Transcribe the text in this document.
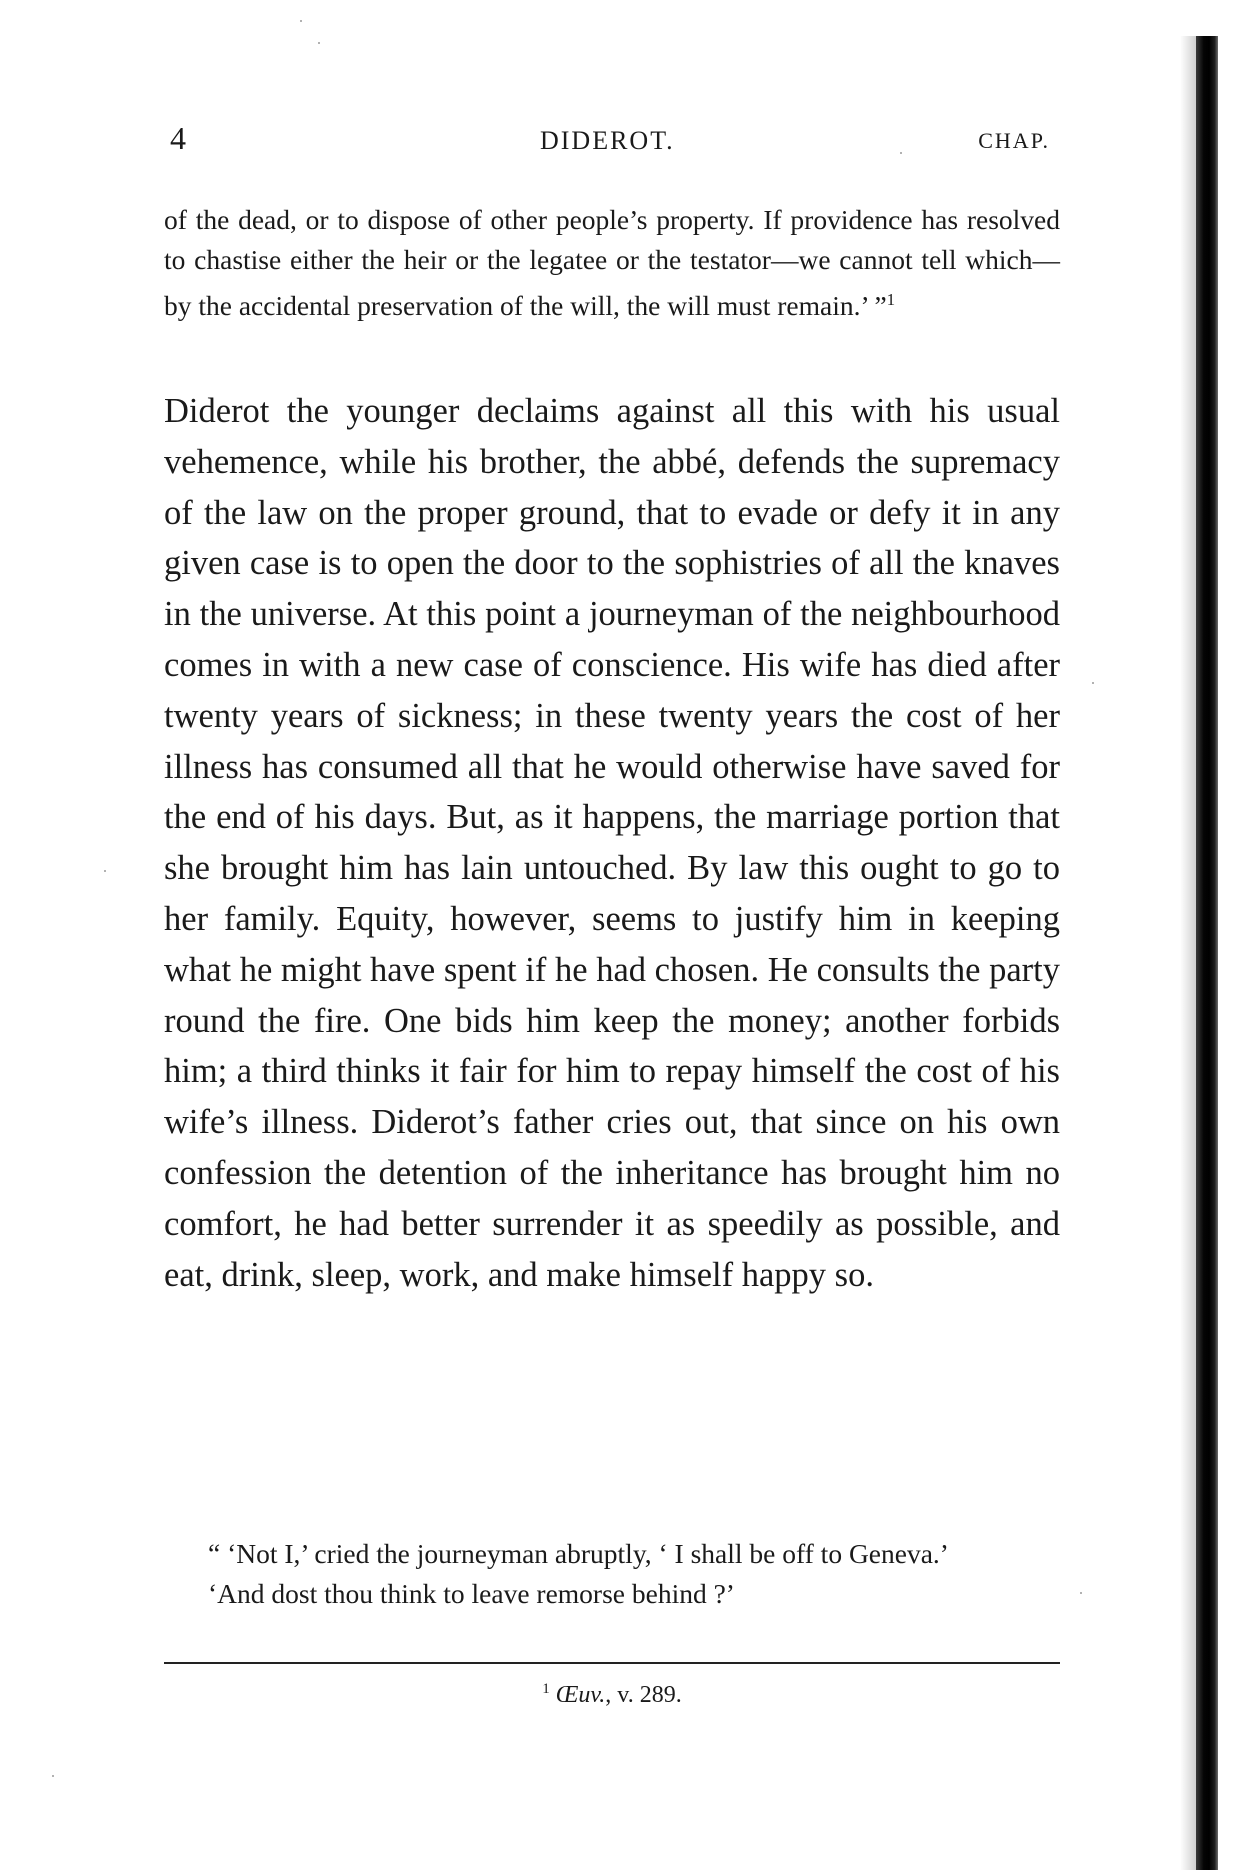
4	DIDEROT.	CHAP.
of the dead, or to dispose of other people’s property. If providence has resolved to chastise either the heir or the legatee or the testator—we cannot tell which—by the accidental preservation of the will, the will must remain.’ ”$^1$
Diderot the younger declaims against all this with his usual vehemence, while his brother, the abbé, defends the supremacy of the law on the proper ground, that to evade or defy it in any given case is to open the door to the sophistries of all the knaves in the universe. At this point a journeyman of the neighbourhood comes in with a new case of conscience. His wife has died after twenty years of sickness; in these twenty years the cost of her illness has consumed all that he would otherwise have saved for the end of his days. But, as it happens, the marriage portion that she brought him has lain untouched. By law this ought to go to her family. Equity, however, seems to justify him in keeping what he might have spent if he had chosen. He consults the party round the fire. One bids him keep the money; another forbids him; a third thinks it fair for him to repay himself the cost of his wife’s illness. Diderot’s father cries out, that since on his own confession the detention of the inheritance has brought him no comfort, he had better surrender it as speedily as possible, and eat, drink, sleep, work, and make himself happy so.

“ ‘Not I,’ cried the journeyman abruptly, ‘ I shall be off to Geneva.’

‘And dost thou think to leave remorse behind ?’

$^1$ Œuv., v. 289.
